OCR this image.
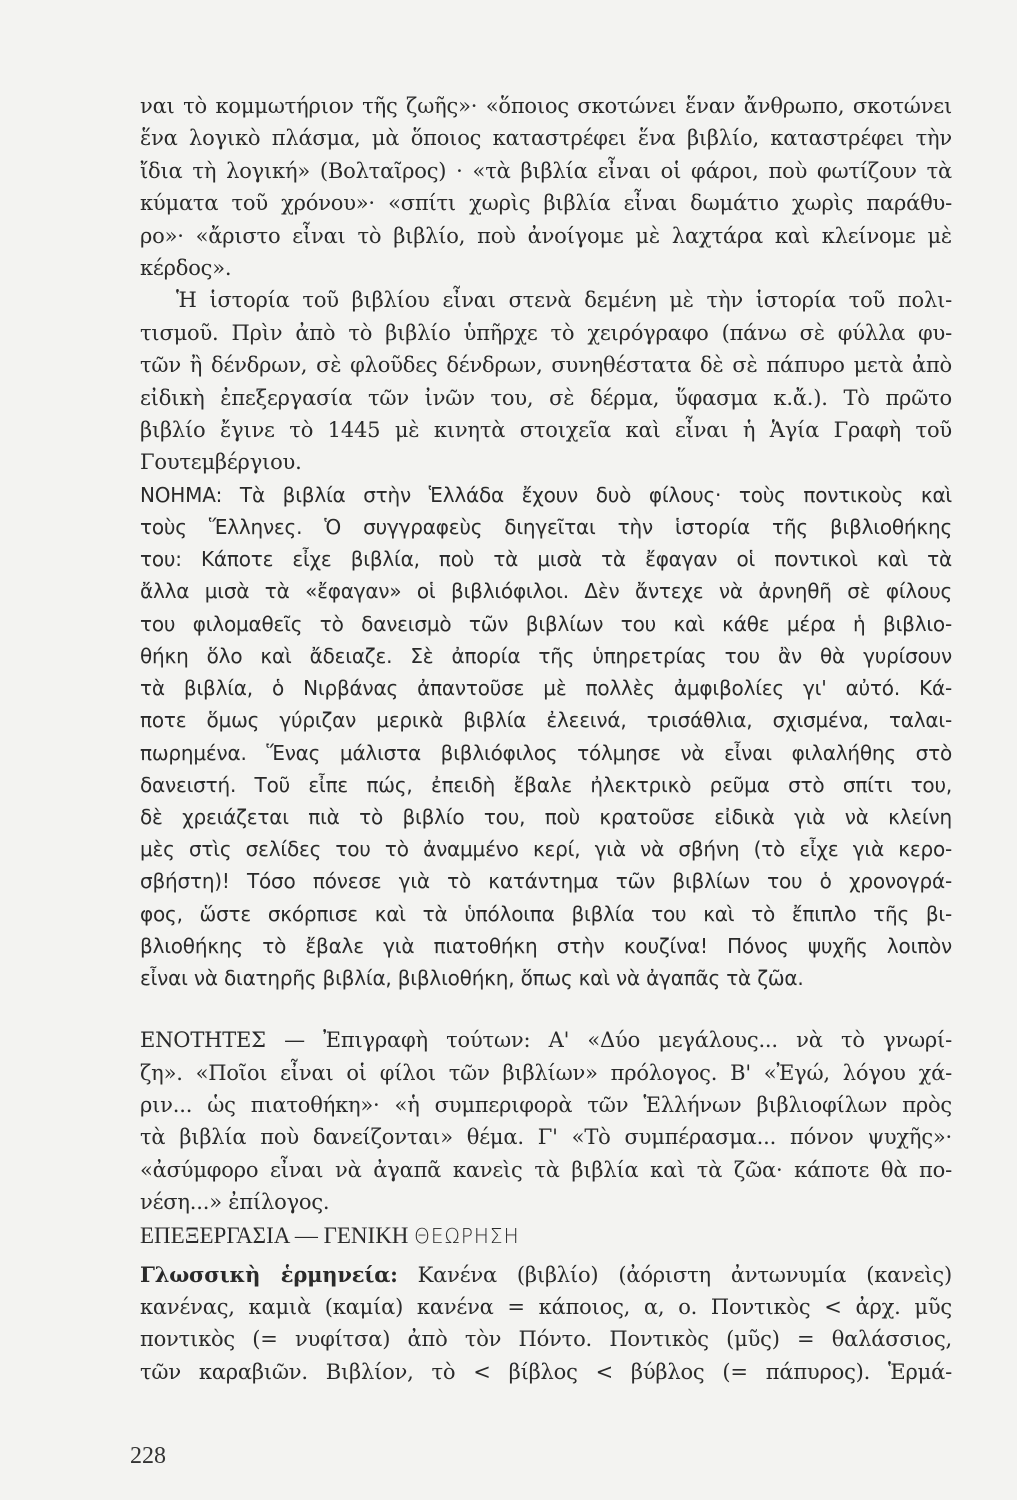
ναι τὸ κομμωτήριον τῆς ζωῆς»· «ὅποιος σκοτώνει ἕναν ἄνθρωπο, σκοτώνει
ἕνα λογικὸ πλάσμα, μὰ ὅποιος καταστρέφει ἕνα βιβλίο, καταστρέφει τὴν
ἴδια τὴ λογική» (Βολταῖρος) · «τὰ βιβλία εἶναι οἱ φάροι, ποὺ φωτίζουν τὰ
κύματα τοῦ χρόνου»· «σπίτι χωρὶς βιβλία εἶναι δωμάτιο χωρὶς παράθυ-
ρο»· «ἄριστο εἶναι τὸ βιβλίο, ποὺ ἀνοίγομε μὲ λαχτάρα καὶ κλείνομε μὲ
κέρδος».
Ἡ ἱστορία τοῦ βιβλίου εἶναι στενὰ δεμένη μὲ τὴν ἱστορία τοῦ πολι-
τισμοῦ. Πρὶν ἀπὸ τὸ βιβλίο ὑπῆρχε τὸ χειρόγραφο (πάνω σὲ φύλλα φυ-
τῶν ἢ δένδρων, σὲ φλοῦδες δένδρων, συνηθέστατα δὲ σὲ πάπυρο μετὰ ἀπὸ
εἰδικὴ ἐπεξεργασία τῶν ἰνῶν του, σὲ δέρμα, ὕφασμα κ.ἄ.). Τὸ πρῶτο
βιβλίο ἔγινε τὸ 1445 μὲ κινητὰ στοιχεῖα καὶ εἶναι ἡ Ἁγία Γραφὴ τοῦ
Γουτεμβέργιου.
ΝΟΗΜΑ: Τὰ βιβλία στὴν Ἑλλάδα ἔχουν δυὸ φίλους· τοὺς ποντικοὺς καὶ
τοὺς Ἕλληνες. Ὁ συγγραφεὺς διηγεῖται τὴν ἱστορία τῆς βιβλιοθήκης
του: Κάποτε εἶχε βιβλία, ποὺ τὰ μισὰ τὰ ἔφαγαν οἱ ποντικοὶ καὶ τὰ
ἄλλα μισὰ τὰ «ἔφαγαν» οἱ βιβλιόφιλοι. Δὲν ἄντεχε νὰ ἀρνηθῆ σὲ φίλους
του φιλομαθεῖς τὸ δανεισμὸ τῶν βιβλίων του καὶ κάθε μέρα ἡ βιβλιο-
θήκη ὅλο καὶ ἄδειαζε. Σὲ ἀπορία τῆς ὑπηρετρίας του ἂν θὰ γυρίσουν
τὰ βιβλία, ὁ Νιρβάνας ἀπαντοῦσε μὲ πολλὲς ἀμφιβολίες γι' αὐτό. Κά-
ποτε ὅμως γύριζαν μερικὰ βιβλία ἐλεεινά, τρισάθλια, σχισμένα, ταλαι-
πωρημένα. Ἕνας μάλιστα βιβλιόφιλος τόλμησε νὰ εἶναι φιλαλήθης στὸ
δανειστή. Τοῦ εἶπε πώς, ἐπειδὴ ἔβαλε ἠλεκτρικὸ ρεῦμα στὸ σπίτι του,
δὲ χρειάζεται πιὰ τὸ βιβλίο του, ποὺ κρατοῦσε εἰδικὰ γιὰ νὰ κλείνη
μὲς στὶς σελίδες του τὸ ἀναμμένο κερί, γιὰ νὰ σβήνη (τὸ εἶχε γιὰ κερο-
σβήστη)! Τόσο πόνεσε γιὰ τὸ κατάντημα τῶν βιβλίων του ὁ χρονογρά-
φος, ὥστε σκόρπισε καὶ τὰ ὑπόλοιπα βιβλία του καὶ τὸ ἔπιπλο τῆς βι-
βλιοθήκης τὸ ἔβαλε γιὰ πιατοθήκη στὴν κουζίνα! Πόνος ψυχῆς λοιπὸν
εἶναι νὰ διατηρῆς βιβλία, βιβλιοθήκη, ὅπως καὶ νὰ ἀγαπᾶς τὰ ζῶα.
ΕΝΟΤΗΤΕΣ — Ἐπιγραφὴ τούτων: Α' «Δύο μεγάλους... νὰ τὸ γνωρί-
ζη». «Ποῖοι εἶναι οἱ φίλοι τῶν βιβλίων» πρόλογος. Β' «Ἐγώ, λόγου χά-
ριν... ὡς πιατοθήκη»· «ἡ συμπεριφορὰ τῶν Ἑλλήνων βιβλιοφίλων πρὸς
τὰ βιβλία ποὺ δανείζονται» θέμα. Γ' «Τὸ συμπέρασμα... πόνον ψυχῆς»·
«ἀσύμφορο εἶναι νὰ ἀγαπᾶ κανεὶς τὰ βιβλία καὶ τὰ ζῶα· κάποτε θὰ πο-
νέση...» ἐπίλογος.
ΕΠΕΞΕΡΓΑΣΙΑ — ΓΕΝΙΚΗ ΘΕΩΡΗΣΗ
Γλωσσικὴ ἑρμηνεία: Κανένα (βιβλίο) (ἀόριστη ἀντωνυμία (κανεὶς)
κανένας, καμιὰ (καμία) κανένα = κάποιος, α, ο. Ποντικὸς < ἀρχ. μῦς
ποντικὸς (= νυφίτσα) ἀπὸ τὸν Πόντο. Ποντικὸς (μῦς) = θαλάσσιος,
τῶν καραβιῶν. Βιβλίον, τὸ < βίβλος < βύβλος (= πάπυρος). Ἑρμά-
228
